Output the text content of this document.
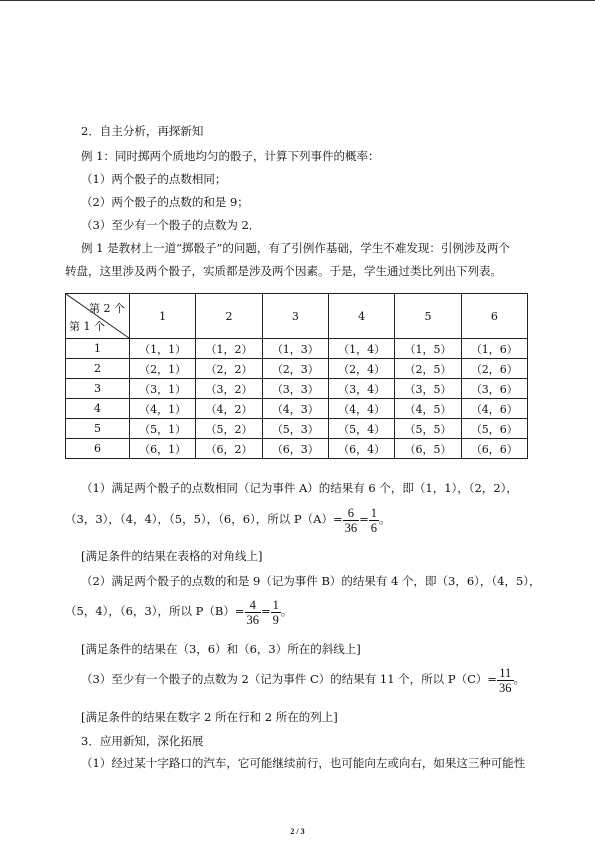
2．自主分析，再探新知
例 1：同时掷两个质地均匀的骰子，计算下列事件的概率：
（1）两个骰子的点数相同；
（2）两个骰子的点数的和是 9；
（3）至少有一个骰子的点数为 2．
例 1 是教材上一道“掷骰子”的问题，有了引例作基础，学生不难发现：引例涉及两个
转盘，这里涉及两个骰子，实质都是涉及两个因素。于是，学生通过类比列出下列表。
第 2 个
第 1 个	1	2	3	4	5	6
1	（1，1）	（1，2）	（1，3）	（1，4）	（1，5）	（1，6）
2	（2，1）	（2，2）	（2，3）	（2，4）	（2，5）	（2，6）
3	（3，1）	（3，2）	（3，3）	（3，4）	（3，5）	（3，6）
4	（4，1）	（4，2）	（4，3）	（4，4）	（4，5）	（4，6）
5	（5，1）	（5，2）	（5，3）	（5，4）	（5，5）	（5，6）
6	（6，1）	（6，2）	（6，3）	（6，4）	（6，5）	（6，6）
（1）满足两个骰子的点数相同（记为事件 A）的结果有 6 个，即（1，1），（2，2），
（3，3），（4，4），（5，5），（6，6），所以 $P(A)= \frac{6}{36} = \frac{1}{6}$ 。
[满足条件的结果在表格的对角线上]
（2）满足两个骰子的点数的和是 9（记为事件 B）的结果有 4 个，即（3，6），（4，5），
（5，4），（6，3），所以 $P(B)= \frac{4}{36} = \frac{1}{9}$ 。
[满足条件的结果在（3，6）和（6，3）所在的斜线上]
（3）至少有一个骰子的点数为 2（记为事件 C）的结果有 11 个，所以 $P(C)= \frac{11}{36}$ 。
[满足条件的结果在数字 2 所在行和 2 所在的列上]
3．应用新知，深化拓展
（1）经过某十字路口的汽车，它可能继续前行，也可能向左或向右，如果这三种可能性
2 / 3
